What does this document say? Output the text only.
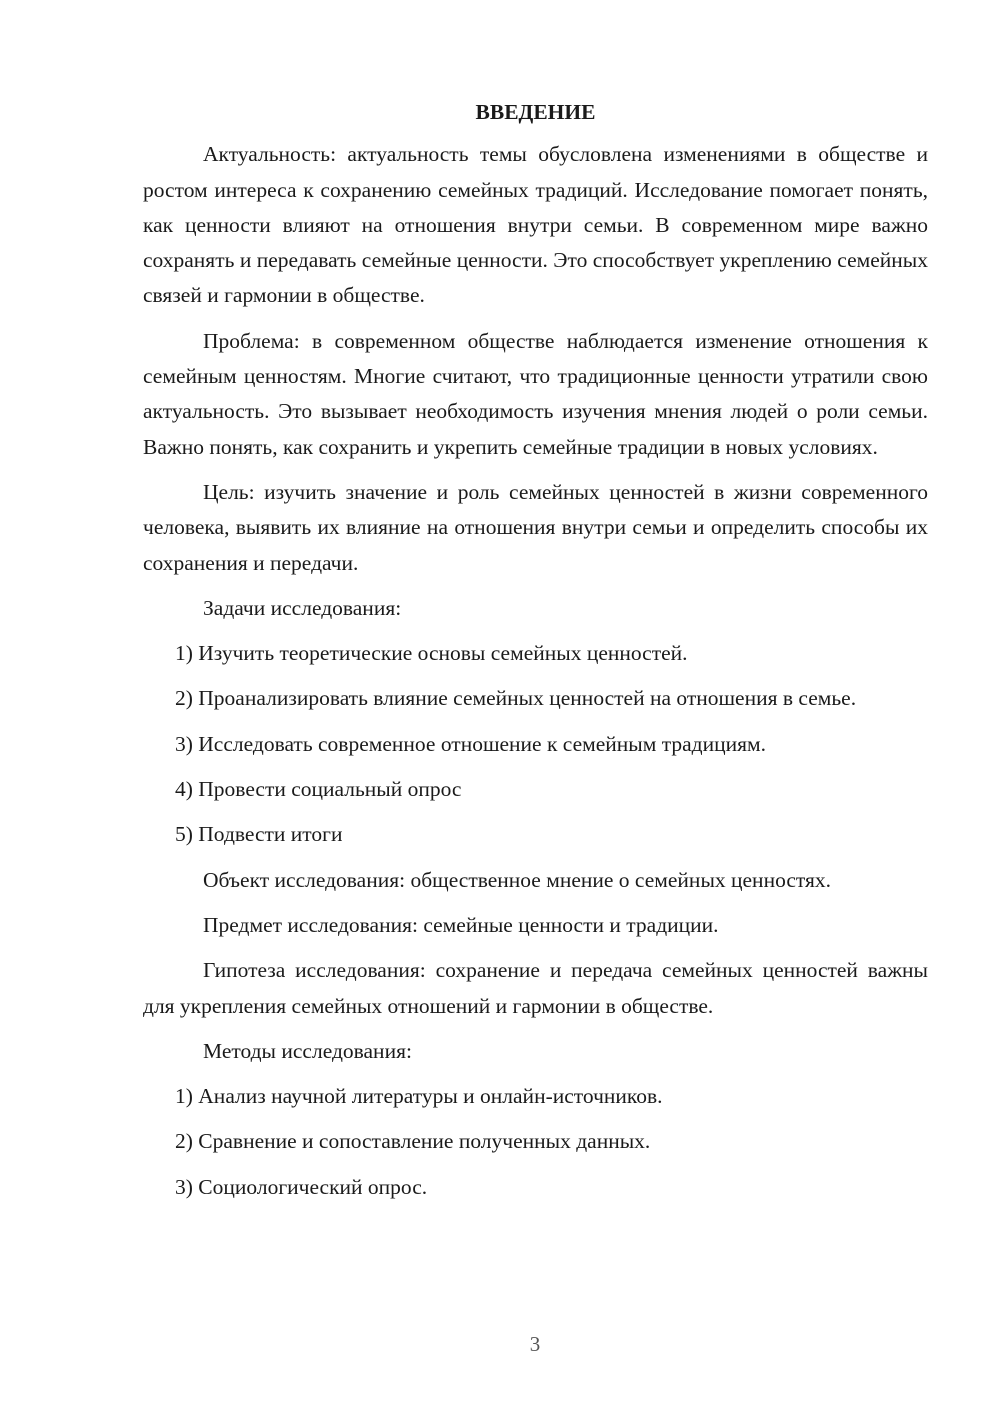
ВВЕДЕНИЕ

Актуальность: актуальность темы обусловлена изменениями в обществе и ростом интереса к сохранению семейных традиций. Исследование помогает понять, как ценности влияют на отношения внутри семьи. В современном мире важно сохранять и передавать семейные ценности. Это способствует укреплению семейных связей и гармонии в обществе.

Проблема: в современном обществе наблюдается изменение отношения к семейным ценностям. Многие считают, что традиционные ценности утратили свою актуальность. Это вызывает необходимость изучения мнения людей о роли семьи. Важно понять, как сохранить и укрепить семейные традиции в новых условиях.

Цель: изучить значение и роль семейных ценностей в жизни современного человека, выявить их влияние на отношения внутри семьи и определить способы их сохранения и передачи.

Задачи исследования:

1) Изучить теоретические основы семейных ценностей.

2) Проанализировать влияние семейных ценностей на отношения в семье.

3) Исследовать современное отношение к семейным традициям.

4) Провести социальный опрос

5) Подвести итоги

Объект исследования: общественное мнение о семейных ценностях.

Предмет исследования: семейные ценности и традиции.

Гипотеза исследования: сохранение и передача семейных ценностей важны для укрепления семейных отношений и гармонии в обществе.

Методы исследования:

1) Анализ научной литературы и онлайн-источников.

2) Сравнение и сопоставление полученных данных.

3) Социологический опрос.

3
